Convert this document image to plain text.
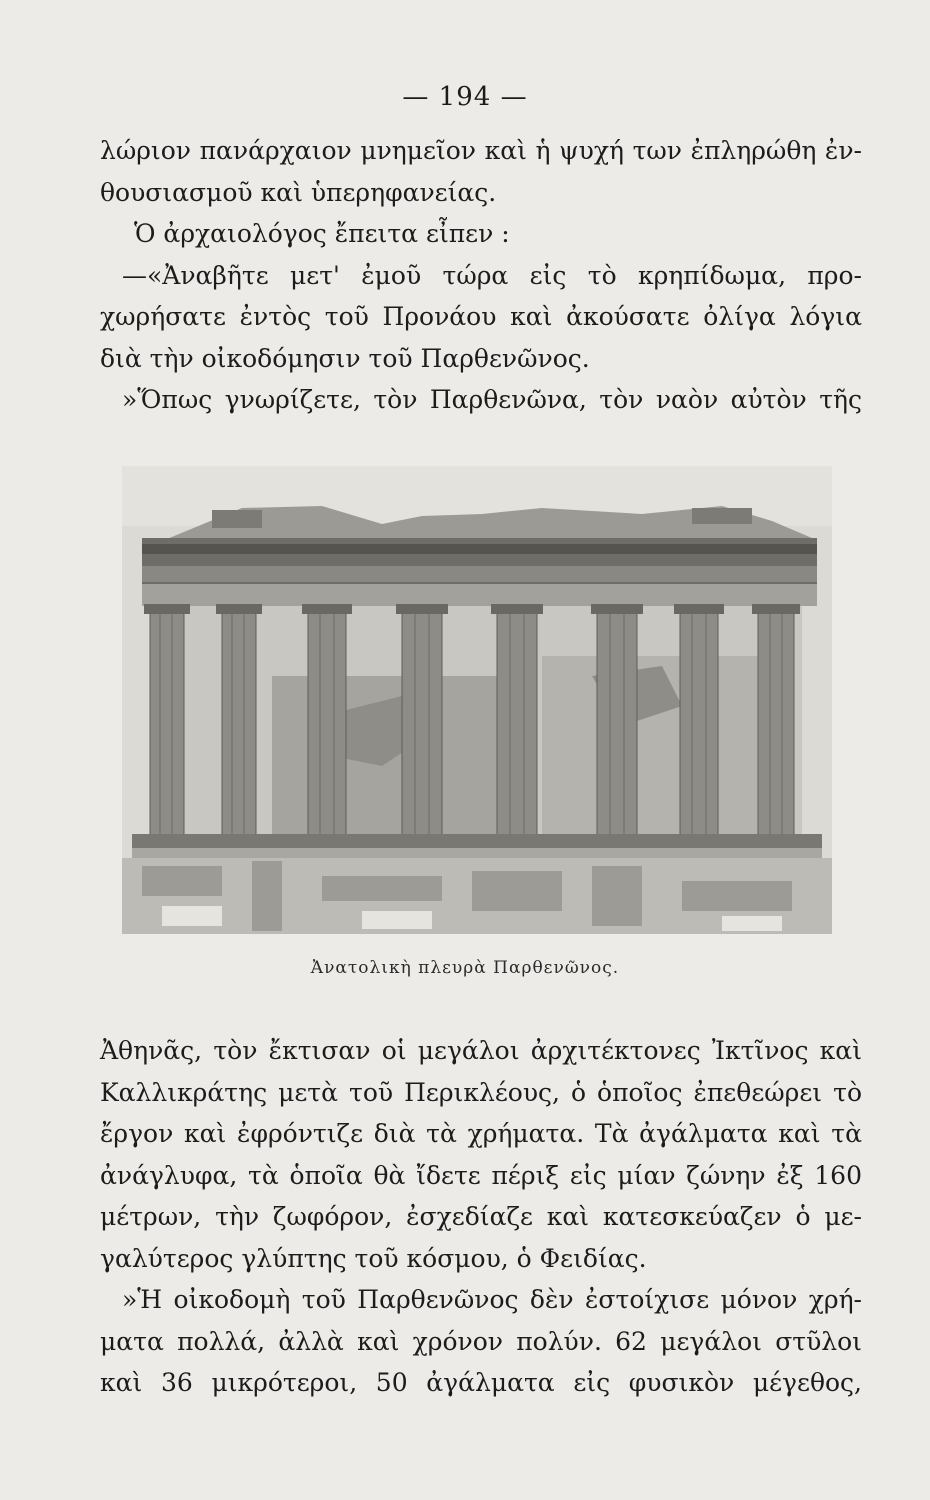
— 194 —
λώριον πανάρχαιον μνημεῖον καὶ ἡ ψυχή των ἐπληρώθη ἐν-
θουσιασμοῦ καὶ ὑπερηφανείας.
Ὁ ἀρχαιολόγος ἔπειτα εἶπεν :
—«Ἀναβῆτε μετ' ἐμοῦ τώρα εἰς τὸ κρηπίδωμα, προ-
χωρήσατε ἐντὸς τοῦ Προνάου καὶ ἀκούσατε ὀλίγα λόγια
διὰ τὴν οἰκοδόμησιν τοῦ Παρθενῶνος.
»Ὅπως γνωρίζετε, τὸν Παρθενῶνα, τὸν ναὸν αὐτὸν τῆς
Ἀνατολικὴ πλευρὰ Παρθενῶνος.
Ἀθηνᾶς, τὸν ἔκτισαν οἱ μεγάλοι ἀρχιτέκτονες Ἰκτῖνος καὶ
Καλλικράτης μετὰ τοῦ Περικλέους, ὁ ὁποῖος ἐπεθεώρει τὸ
ἔργον καὶ ἐφρόντιζε διὰ τὰ χρήματα. Τὰ ἀγάλματα καὶ τὰ
ἀνάγλυφα, τὰ ὁποῖα θὰ ἴδετε πέριξ εἰς μίαν ζώνην ἐξ 160
μέτρων, τὴν ζωφόρον, ἐσχεδίαζε καὶ κατεσκεύαζεν ὁ με-
γαλύτερος γλύπτης τοῦ κόσμου, ὁ Φειδίας.
»Ἡ οἰκοδομὴ τοῦ Παρθενῶνος δὲν ἐστοίχισε μόνον χρή-
ματα πολλά, ἀλλὰ καὶ χρόνον πολύν. 62 μεγάλοι στῦλοι
καὶ 36 μικρότεροι, 50 ἀγάλματα εἰς φυσικὸν μέγεθος,
